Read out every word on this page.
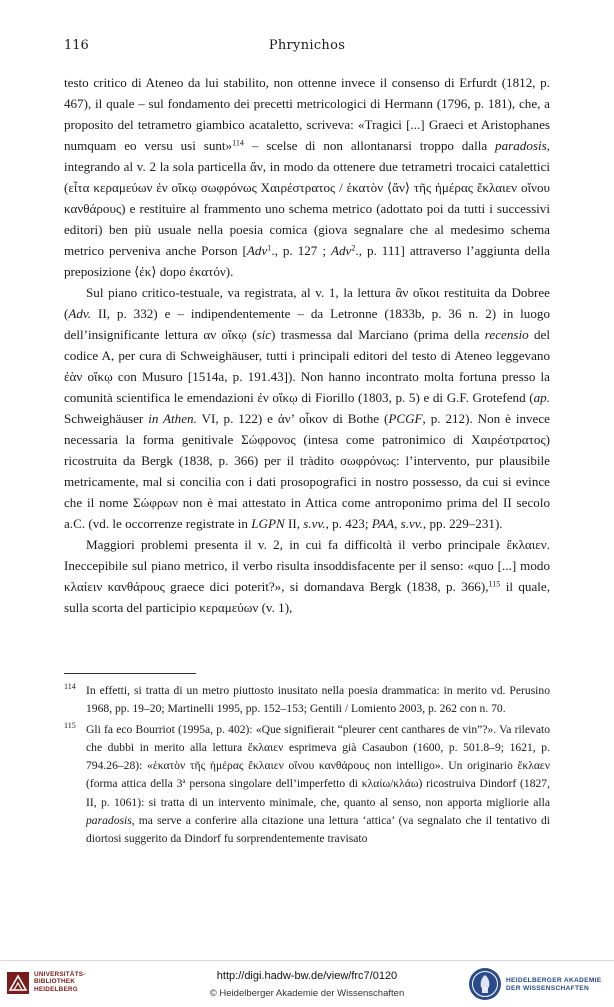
116	Phrynichos

testo critico di Ateneo da lui stabilito, non ottenne invece il consenso di Erfurdt (1812, p. 467), il quale – sul fondamento dei precetti metricologici di Hermann (1796, p. 181), che, a proposito del tetrametro giambico acataletto, scriveva: «Tragici [...] Graeci et Aristophanes numquam eo versu usi sunt»$^{114}$ – scelse di non allontanarsi troppo dalla paradosis, integrando al v. 2 la sola particella ἄν, in modo da ottenere due tetrametri trocaici catalettici (εἶτα κεραμεύων ἐν οἴκῳ σωφρόνως Χαιρέστρατος / ἑκατὸν ⟨ἄν⟩ τῆς ἡμέρας ἔκλαιεν οἴνου κανθάρους) e restituire al frammento uno schema metrico (adottato poi da tutti i successivi editori) ben più usuale nella poesia comica (giova segnalare che al medesimo schema metrico perveniva anche Porson [Adv$^1$., p. 127 ; Adv$^2$., p. 111] attraverso l’aggiunta della preposizione ⟨ἐκ⟩ dopo ἑκατόν).

Sul piano critico-testuale, va registrata, al v. 1, la lettura ἂν οἴκοι restituita da Dobree (Adv. II, p. 332) e – indipendentemente – da Letronne (1833b, p. 36 n. 2) in luogo dell’insignificante lettura αν οἴκῳ (sic) trasmessa dal Marciano (prima della recensio del codice A, per cura di Schweighäuser, tutti i principali editori del testo di Ateneo leggevano ἐὰν οἴκῳ con Musuro [1514a, p. 191.43]). Non hanno incontrato molta fortuna presso la comunità scientifica le emendazioni ἐν οἴκῳ di Fiorillo (1803, p. 5) e di G.F. Grotefend (ap. Schweighäuser in Athen. VI, p. 122) e ἀν’ οἶκον di Bothe (PCGF, p. 212). Non è invece necessaria la forma genitivale Σώφρονος (intesa come patronimico di Χαιρέστρατος) ricostruita da Bergk (1838, p. 366) per il tràdito σωφρόνως: l’intervento, pur plausibile metricamente, mal si concilia con i dati prosopografici in nostro possesso, da cui si evince che il nome Σώφρων non è mai attestato in Attica come antroponimo prima del II secolo a.C. (vd. le occorrenze registrate in LGPN II, s.vv., p. 423; PAA, s.vv., pp. 229–231).

Maggiori problemi presenta il v. 2, in cui fa difficoltà il verbo principale ἔκλαιεν. Ineccepibile sul piano metrico, il verbo risulta insoddisfacente per il senso: «quo [...] modo κλαίειν κανθάρους graece dici poterit?», si domandava Bergk (1838, p. 366),$^{115}$ il quale, sulla scorta del participio κεραμεύων (v. 1),

114 In effetti, si tratta di un metro piuttosto inusitato nella poesia drammatica: in merito vd. Perusino 1968, pp. 19–20; Martinelli 1995, pp. 152–153; Gentili / Lomiento 2003, p. 262 con n. 70.
115 Gli fa eco Bourriot (1995a, p. 402): «Que signifierait “pleurer cent canthares de vin”?». Va rilevato che dubbi in merito alla lettura ἔκλαιεν esprimeva già Casaubon (1600, p. 501.8–9; 1621, p. 794.26–28): «ἑκατὸν τῆς ἡμέρας ἔκλαιεν οἴνου κανθάρους non intelligo». Un originario ἔκλαεν (forma attica della 3$^a$ persona singolare dell’imperfetto di κλαίω/κλάω) ricostruiva Dindorf (1827, II, p. 1061): si tratta di un intervento minimale, che, quanto al senso, non apporta migliorie alla paradosis, ma serve a conferire alla citazione una lettura ‘attica’ (va segnalato che il tentativo di diortosi suggerito da Dindorf fu sorprendentemente travisato
UNIVERSITÄTS-
BIBLIOTHEK
HEIDELBERG
http://digi.hadw-bw.de/view/frc7/0120
© Heidelberger Akademie der Wissenschaften
HEIDELBERGER AKADEMIE
DER WISSENSCHAFTEN
